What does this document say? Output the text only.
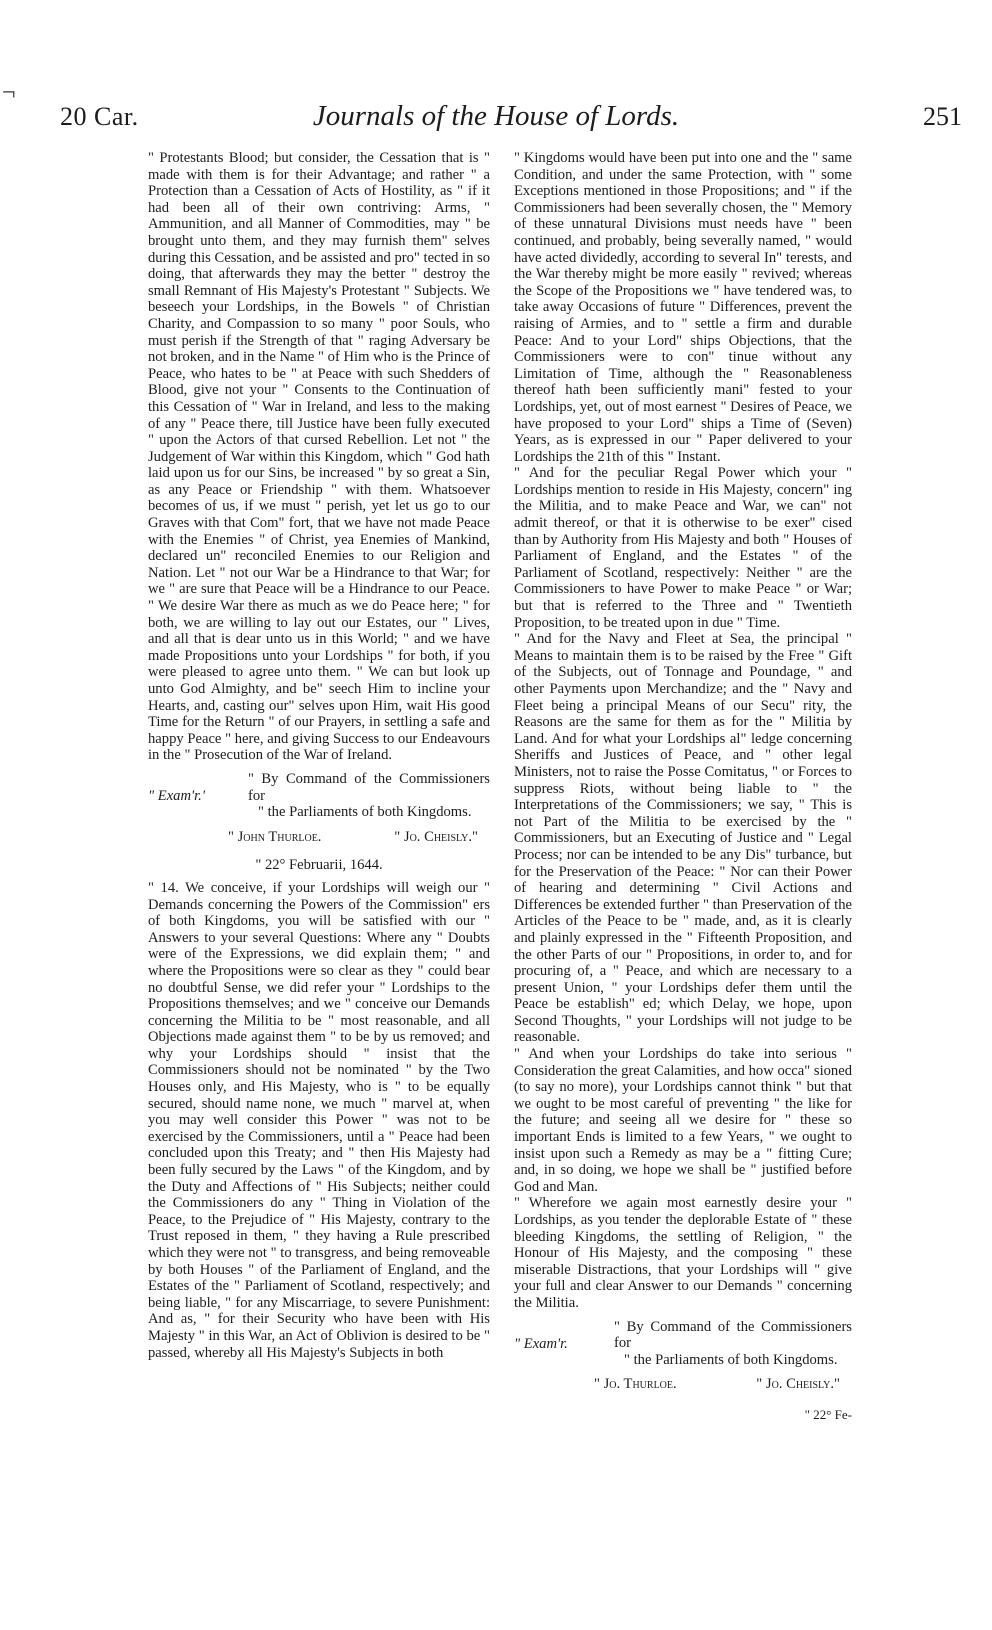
¬
20 Car.	Journals of the House of Lords.	251

" Protestants Blood; but consider, the Cessation that is " made with them is for their Advantage; and rather " a Protection than a Cessation of Acts of Hostility, as " if it had been all of their own contriving: Arms, " Ammunition, and all Manner of Commodities, may " be brought unto them, and they may furnish them" selves during this Cessation, and be assisted and pro" tected in so doing, that afterwards they may the better " destroy the small Remnant of His Majesty's Protestant " Subjects. We beseech your Lordships, in the Bowels " of Christian Charity, and Compassion to so many " poor Souls, who must perish if the Strength of that " raging Adversary be not broken, and in the Name " of Him who is the Prince of Peace, who hates to be " at Peace with such Shedders of Blood, give not your " Consents to the Continuation of this Cessation of " War in Ireland, and less to the making of any " Peace there, till Justice have been fully executed " upon the Actors of that cursed Rebellion. Let not " the Judgement of War within this Kingdom, which " God hath laid upon us for our Sins, be increased " by so great a Sin, as any Peace or Friendship " with them. Whatsoever becomes of us, if we must " perish, yet let us go to our Graves with that Com" fort, that we have not made Peace with the Enemies " of Christ, yea Enemies of Mankind, declared un" reconciled Enemies to our Religion and Nation. Let " not our War be a Hindrance to that War; for we " are sure that Peace will be a Hindrance to our Peace. " We desire War there as much as we do Peace here; " for both, we are willing to lay out our Estates, our " Lives, and all that is dear unto us in this World; " and we have made Propositions unto your Lordships " for both, if you were pleased to agree unto them. " We can but look up unto God Almighty, and be" seech Him to incline your Hearts, and, casting our" selves upon Him, wait His good Time for the Return " of our Prayers, in settling a safe and happy Peace " here, and giving Success to our Endeavours in the " Prosecution of the War of Ireland.

" Exam'r.'
" By Command of the Commissioners for
" the Parliaments of both Kingdoms.
" John Thurloe.	" Jo. Cheisly."
" 22° Februarii, 1644.

" 14. We conceive, if your Lordships will weigh our " Demands concerning the Powers of the Commission" ers of both Kingdoms, you will be satisfied with our " Answers to your several Questions: Where any " Doubts were of the Expressions, we did explain them; " and where the Propositions were so clear as they " could bear no doubtful Sense, we did refer your " Lordships to the Propositions themselves; and we " conceive our Demands concerning the Militia to be " most reasonable, and all Objections made against them " to be by us removed; and why your Lordships should " insist that the Commissioners should not be nominated " by the Two Houses only, and His Majesty, who is " to be equally secured, should name none, we much " marvel at, when you may well consider this Power " was not to be exercised by the Commissioners, until a " Peace had been concluded upon this Treaty; and " then His Majesty had been fully secured by the Laws " of the Kingdom, and by the Duty and Affections of " His Subjects; neither could the Commissioners do any " Thing in Violation of the Peace, to the Prejudice of " His Majesty, contrary to the Trust reposed in them, " they having a Rule prescribed which they were not " to transgress, and being removeable by both Houses " of the Parliament of England, and the Estates of the " Parliament of Scotland, respectively; and being liable, " for any Miscarriage, to severe Punishment: And as, " for their Security who have been with His Majesty " in this War, an Act of Oblivion is desired to be " passed, whereby all His Majesty's Subjects in both

" Kingdoms would have been put into one and the " same Condition, and under the same Protection, with " some Exceptions mentioned in those Propositions; and " if the Commissioners had been severally chosen, the " Memory of these unnatural Divisions must needs have " been continued, and probably, being severally named, " would have acted dividedly, according to several In" terests, and the War thereby might be more easily " revived; whereas the Scope of the Propositions we " have tendered was, to take away Occasions of future " Differences, prevent the raising of Armies, and to " settle a firm and durable Peace: And to your Lord" ships Objections, that the Commissioners were to con" tinue without any Limitation of Time, although the " Reasonableness thereof hath been sufficiently mani" fested to your Lordships, yet, out of most earnest " Desires of Peace, we have proposed to your Lord" ships a Time of (Seven) Years, as is expressed in our " Paper delivered to your Lordships the 21th of this " Instant.

" And for the peculiar Regal Power which your " Lordships mention to reside in His Majesty, concern" ing the Militia, and to make Peace and War, we can" not admit thereof, or that it is otherwise to be exer" cised than by Authority from His Majesty and both " Houses of Parliament of England, and the Estates " of the Parliament of Scotland, respectively: Neither " are the Commissioners to have Power to make Peace " or War; but that is referred to the Three and " Twentieth Proposition, to be treated upon in due " Time.

" And for the Navy and Fleet at Sea, the principal " Means to maintain them is to be raised by the Free " Gift of the Subjects, out of Tonnage and Poundage, " and other Payments upon Merchandize; and the " Navy and Fleet being a principal Means of our Secu" rity, the Reasons are the same for them as for the " Militia by Land. And for what your Lordships al" ledge concerning Sheriffs and Justices of Peace, and " other legal Ministers, not to raise the Posse Comitatus, " or Forces to suppress Riots, without being liable to " the Interpretations of the Commissioners; we say, " This is not Part of the Militia to be exercised by the " Commissioners, but an Executing of Justice and " Legal Process; nor can be intended to be any Dis" turbance, but for the Preservation of the Peace: " Nor can their Power of hearing and determining " Civil Actions and Differences be extended further " than Preservation of the Articles of the Peace to be " made, and, as it is clearly and plainly expressed in the " Fifteenth Proposition, and the other Parts of our " Propositions, in order to, and for procuring of, a " Peace, and which are necessary to a present Union, " your Lordships defer them until the Peace be establish" ed; which Delay, we hope, upon Second Thoughts, " your Lordships will not judge to be reasonable.

" And when your Lordships do take into serious " Consideration the great Calamities, and how occa" sioned (to say no more), your Lordships cannot think " but that we ought to be most careful of preventing " the like for the future; and seeing all we desire for " these so important Ends is limited to a few Years, " we ought to insist upon such a Remedy as may be a " fitting Cure; and, in so doing, we hope we shall be " justified before God and Man.

" Wherefore we again most earnestly desire your " Lordships, as you tender the deplorable Estate of " these bleeding Kingdoms, the settling of Religion, " the Honour of His Majesty, and the composing " these miserable Distractions, that your Lordships will " give your full and clear Answer to our Demands " concerning the Militia.

" Exam'r.
" By Command of the Commissioners for
" the Parliaments of both Kingdoms.
" Jo. Thurloe.	" Jo. Cheisly."
" 22° Fe-
